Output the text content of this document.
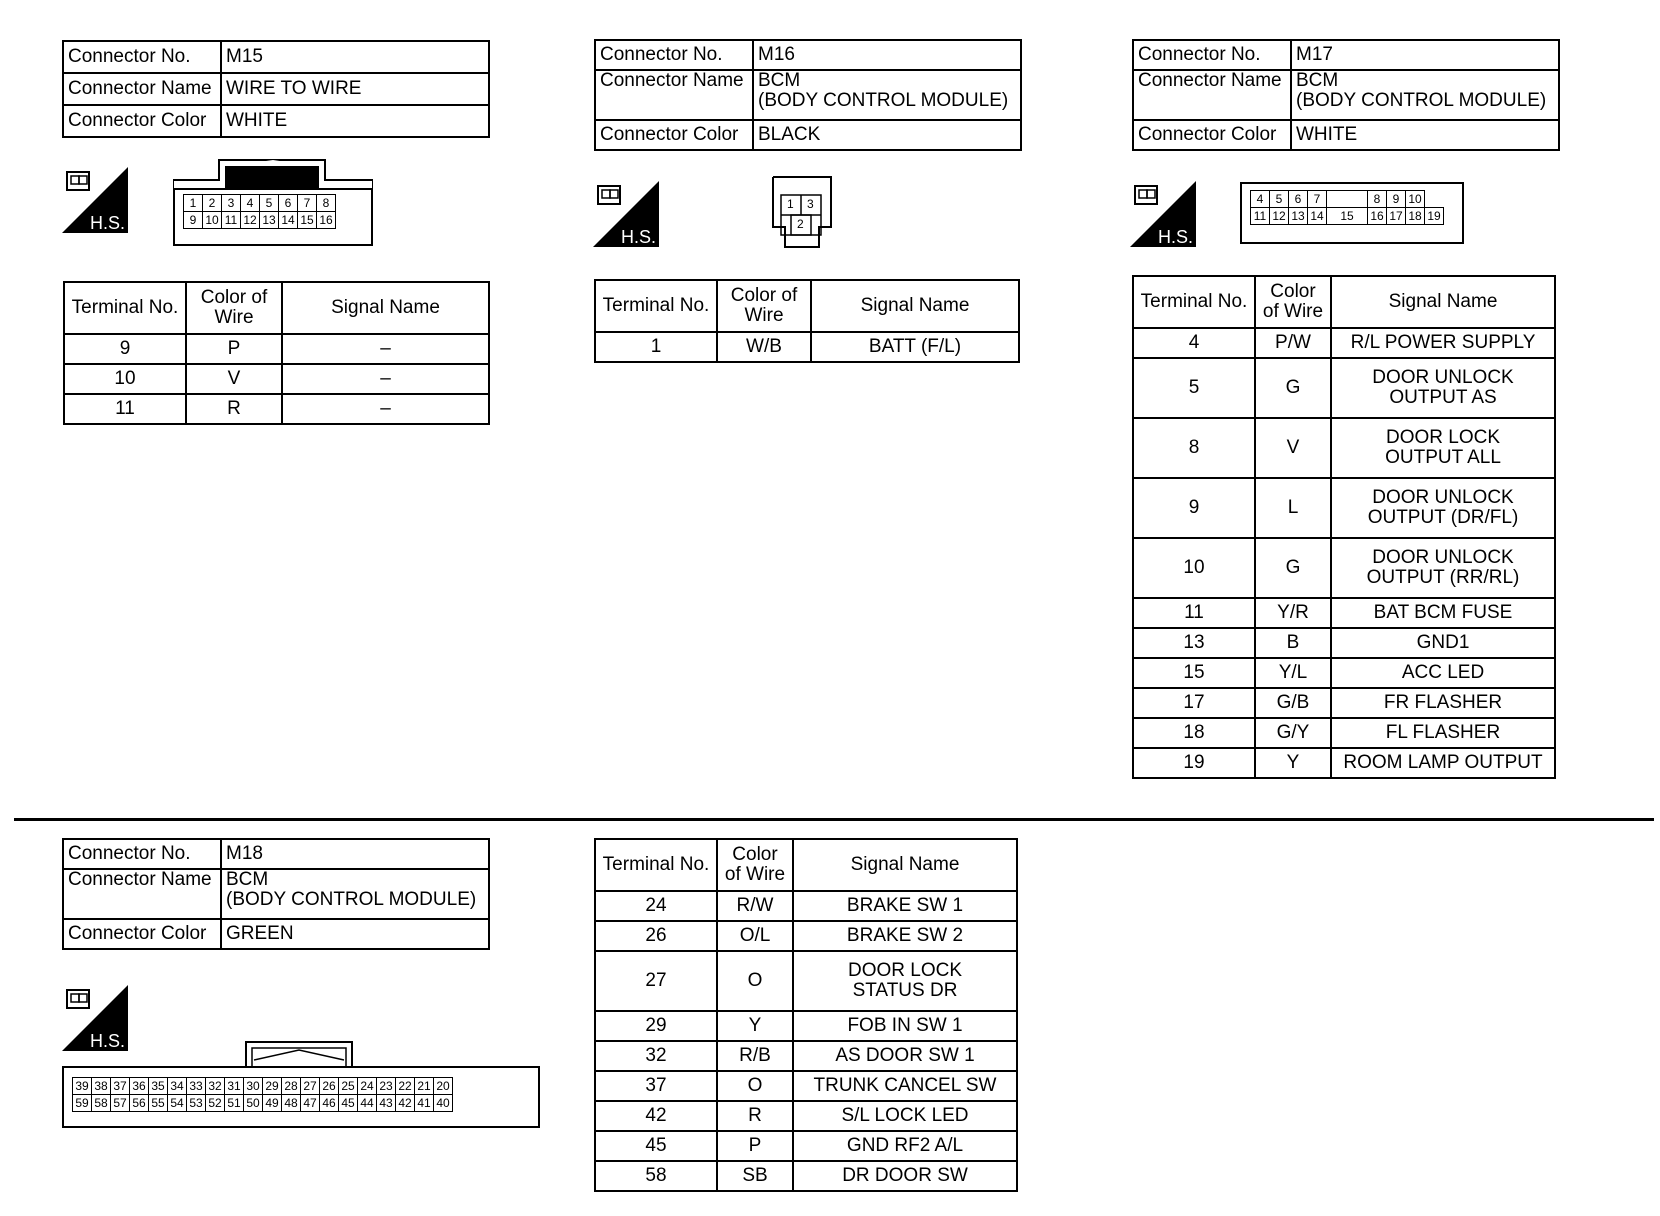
Connector No.	M15
Connector Name	WIRE TO WIRE
Connector Color	WHITE
H.S.
1	2	3	4	5	6	7	8
9	10	11	12	13	14	15	16
Terminal No.	Color of Wire	Signal Name
9	P	–
10	V	–
11	R	–
Connector No.	M16
Connector Name	BCM
(BODY CONTROL MODULE)
Connector Color	BLACK
H.S.
1 3
2
Terminal No.	Color of Wire	Signal Name
1	W/B	BATT (F/L)
Connector No.	M17
Connector Name	BCM
(BODY CONTROL MODULE)
Connector Color	WHITE
H.S.
4	5	6	7		8	9	10	
11	12	13	14	15	16	17	18	19
Terminal No.	Color of Wire	Signal Name
4	P/W	R/L POWER SUPPLY
5	G	DOOR UNLOCK
OUTPUT AS
8	V	DOOR LOCK
OUTPUT ALL
9	L	DOOR UNLOCK
OUTPUT (DR/FL)
10	G	DOOR UNLOCK
OUTPUT (RR/RL)
11	Y/R	BAT BCM FUSE
13	B	GND1
15	Y/L	ACC LED
17	G/B	FR FLASHER
18	G/Y	FL FLASHER
19	Y	ROOM LAMP OUTPUT
Connector No.	M18
Connector Name	BCM
(BODY CONTROL MODULE)
Connector Color	GREEN
H.S.
39	38	37	36	35	34	33	32	31	30	29	28	27	26	25	24	23	22	21	20
59	58	57	56	55	54	53	52	51	50	49	48	47	46	45	44	43	42	41	40
Terminal No.	Color of Wire	Signal Name
24	R/W	BRAKE SW 1
26	O/L	BRAKE SW 2
27	O	DOOR LOCK
STATUS DR
29	Y	FOB IN SW 1
32	R/B	AS DOOR SW 1
37	O	TRUNK CANCEL SW
42	R	S/L LOCK LED
45	P	GND RF2 A/L
58	SB	DR DOOR SW
